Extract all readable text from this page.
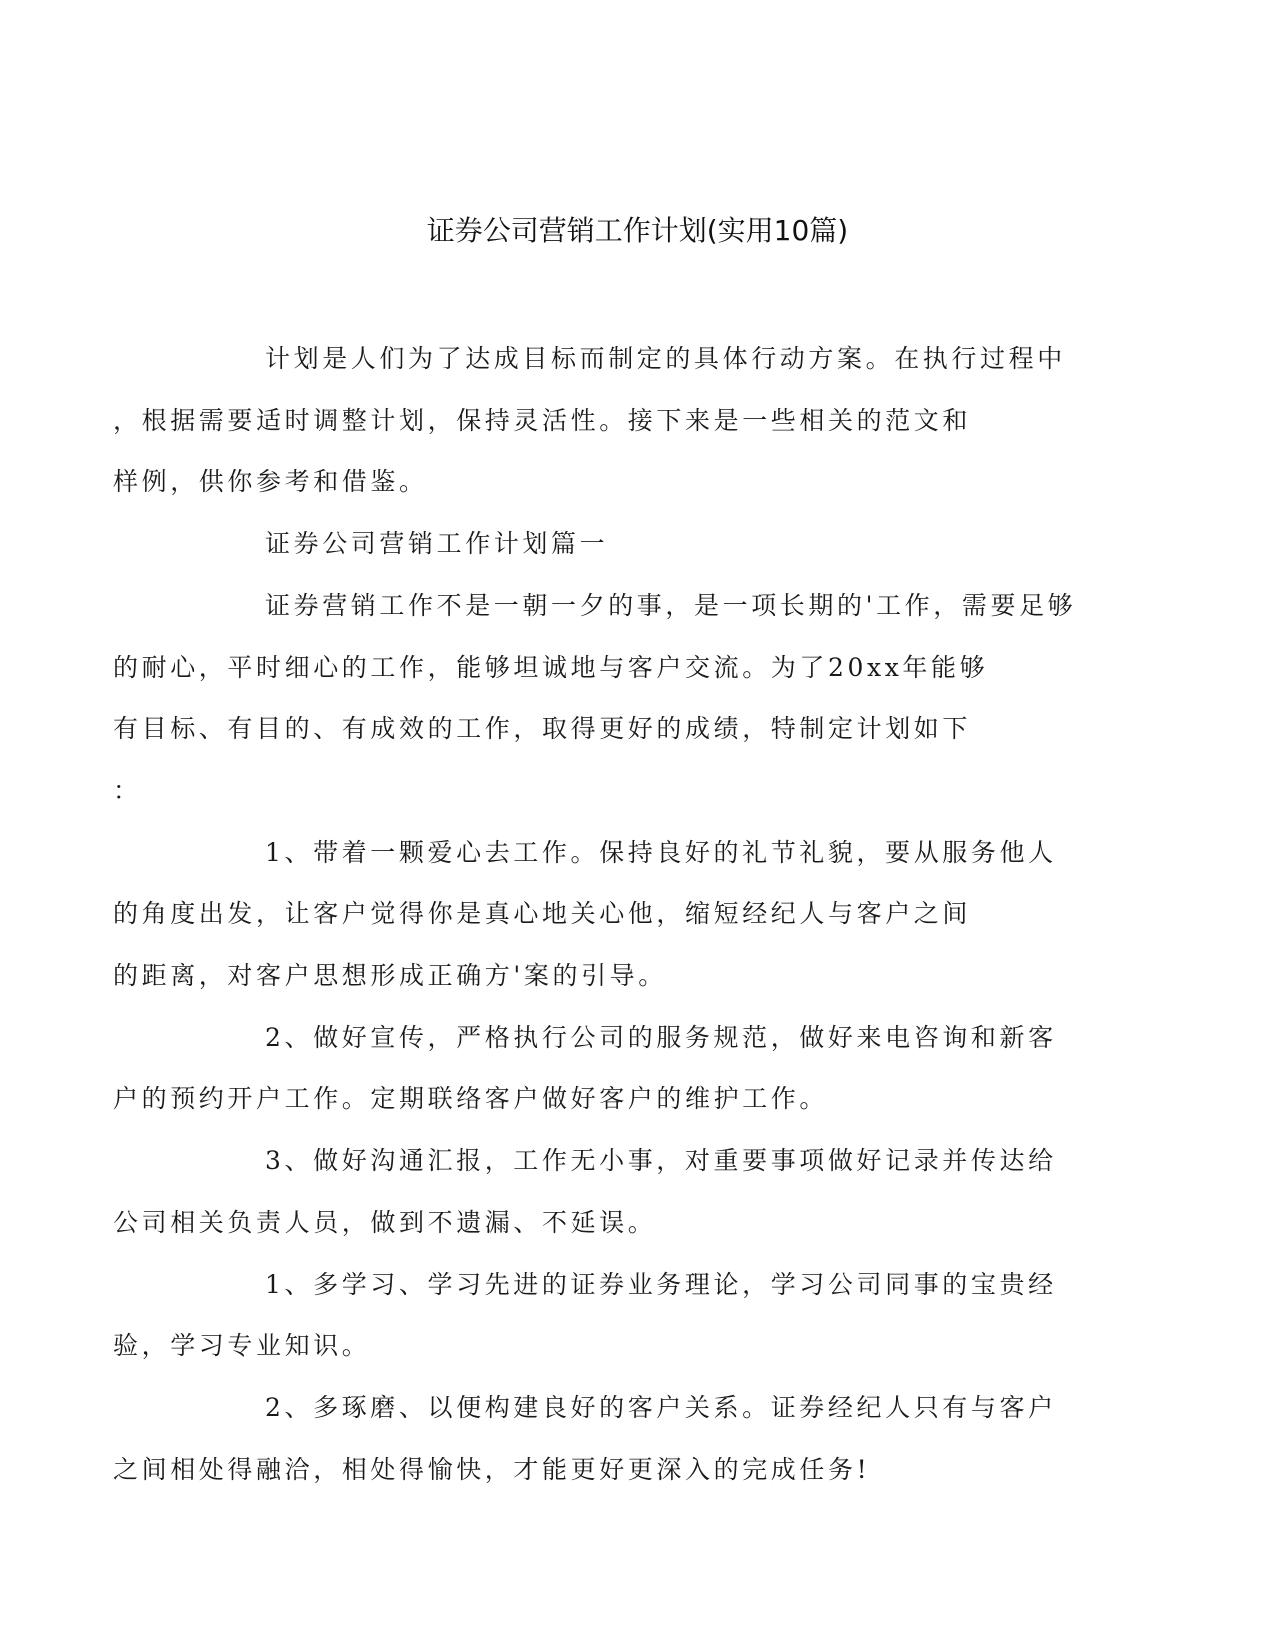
证券公司营销工作计划(实用10篇)

计划是人们为了达成目标而制定的具体行动方案。在执行过程中
，根据需要适时调整计划，保持灵活性。接下来是一些相关的范文和
样例，供你参考和借鉴。

证券公司营销工作计划篇一

证券营销工作不是一朝一夕的事，是一项长期的'工作，需要足够
的耐心，平时细心的工作，能够坦诚地与客户交流。为了20xx年能够
有目标、有目的、有成效的工作，取得更好的成绩，特制定计划如下
：

1、带着一颗爱心去工作。保持良好的礼节礼貌，要从服务他人
的角度出发，让客户觉得你是真心地关心他，缩短经纪人与客户之间
的距离，对客户思想形成正确方'案的引导。

2、做好宣传，严格执行公司的服务规范，做好来电咨询和新客
户的预约开户工作。定期联络客户做好客户的维护工作。

3、做好沟通汇报，工作无小事，对重要事项做好记录并传达给
公司相关负责人员，做到不遗漏、不延误。

1、多学习、学习先进的证券业务理论，学习公司同事的宝贵经
验，学习专业知识。

2、多琢磨、以便构建良好的客户关系。证券经纪人只有与客户
之间相处得融洽，相处得愉快，才能更好更深入的完成任务!
